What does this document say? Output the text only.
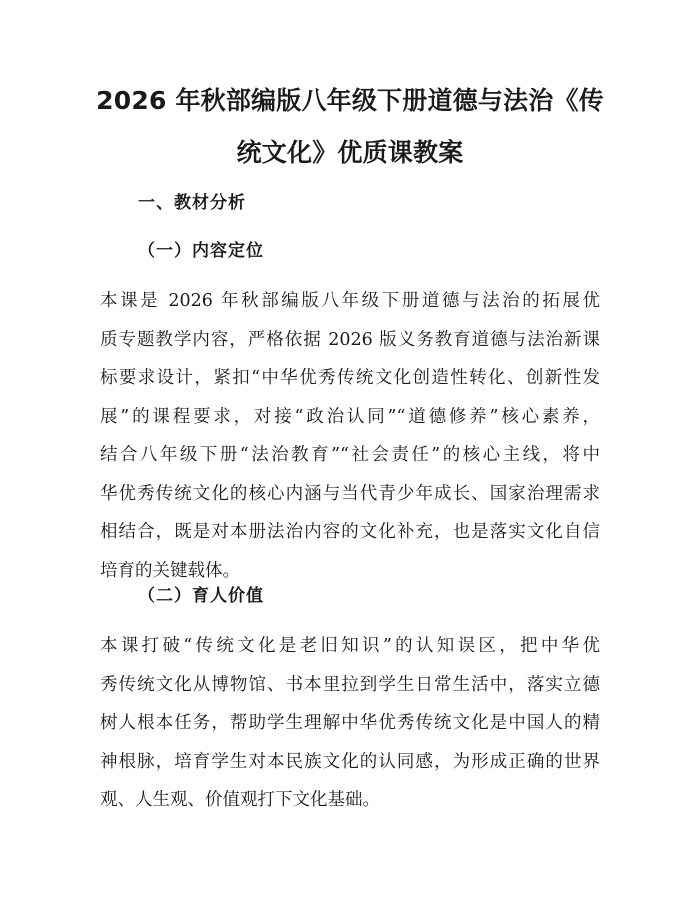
2026 年秋部编版八年级下册道德与法治《传
统文化》优质课教案
一、教材分析
（一）内容定位
本课是 2026 年秋部编版八年级下册道德与法治的拓展优
质专题教学内容，严格依据 2026 版义务教育道德与法治新课
标要求设计，紧扣“中华优秀传统文化创造性转化、创新性发
展”的课程要求，对接“政治认同”“道德修养”核心素养，
结合八年级下册“法治教育”“社会责任”的核心主线，将中
华优秀传统文化的核心内涵与当代青少年成长、国家治理需求
相结合，既是对本册法治内容的文化补充，也是落实文化自信
培育的关键载体。
（二）育人价值
本课打破“传统文化是老旧知识”的认知误区，把中华优
秀传统文化从博物馆、书本里拉到学生日常生活中，落实立德
树人根本任务，帮助学生理解中华优秀传统文化是中国人的精
神根脉，培育学生对本民族文化的认同感，为形成正确的世界
观、人生观、价值观打下文化基础。
